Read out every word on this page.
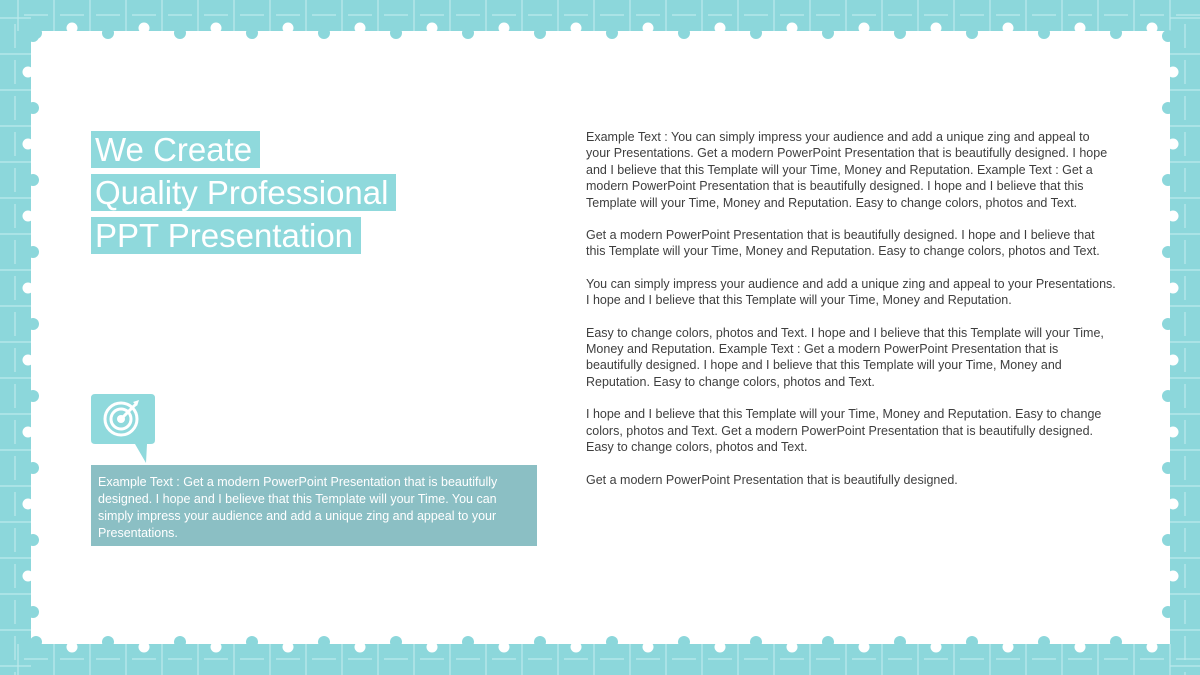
We Create
Quality Professional
PPT Presentation

Example Text : Get a modern PowerPoint Presentation that is beautifully designed. I hope and I believe that this Template will your Time. You can simply impress your audience and add a unique zing and appeal to your Presentations.

Example Text : You can simply impress your audience and add a unique zing and appeal to your Presentations. Get a modern PowerPoint Presentation that is beautifully designed. I hope and I believe that this Template will your Time, Money and Reputation. Example Text : Get a modern PowerPoint Presentation that is beautifully designed. I hope and I believe that this Template will your Time, Money and Reputation. Easy to change colors, photos and Text.

Get a modern PowerPoint Presentation that is beautifully designed. I hope and I believe that this Template will your Time, Money and Reputation. Easy to change colors, photos and Text.

You can simply impress your audience and add a unique zing and appeal to your Presentations. I hope and I believe that this Template will your Time, Money and Reputation.

Easy to change colors, photos and Text. I hope and I believe that this Template will your Time, Money and Reputation. Example Text : Get a modern PowerPoint Presentation that is beautifully designed. I hope and I believe that this Template will your Time, Money and Reputation. Easy to change colors, photos and Text.

I hope and I believe that this Template will your Time, Money and Reputation. Easy to change colors, photos and Text. Get a modern PowerPoint Presentation that is beautifully designed. Easy to change colors, photos and Text.

Get a modern PowerPoint Presentation that is beautifully designed.
